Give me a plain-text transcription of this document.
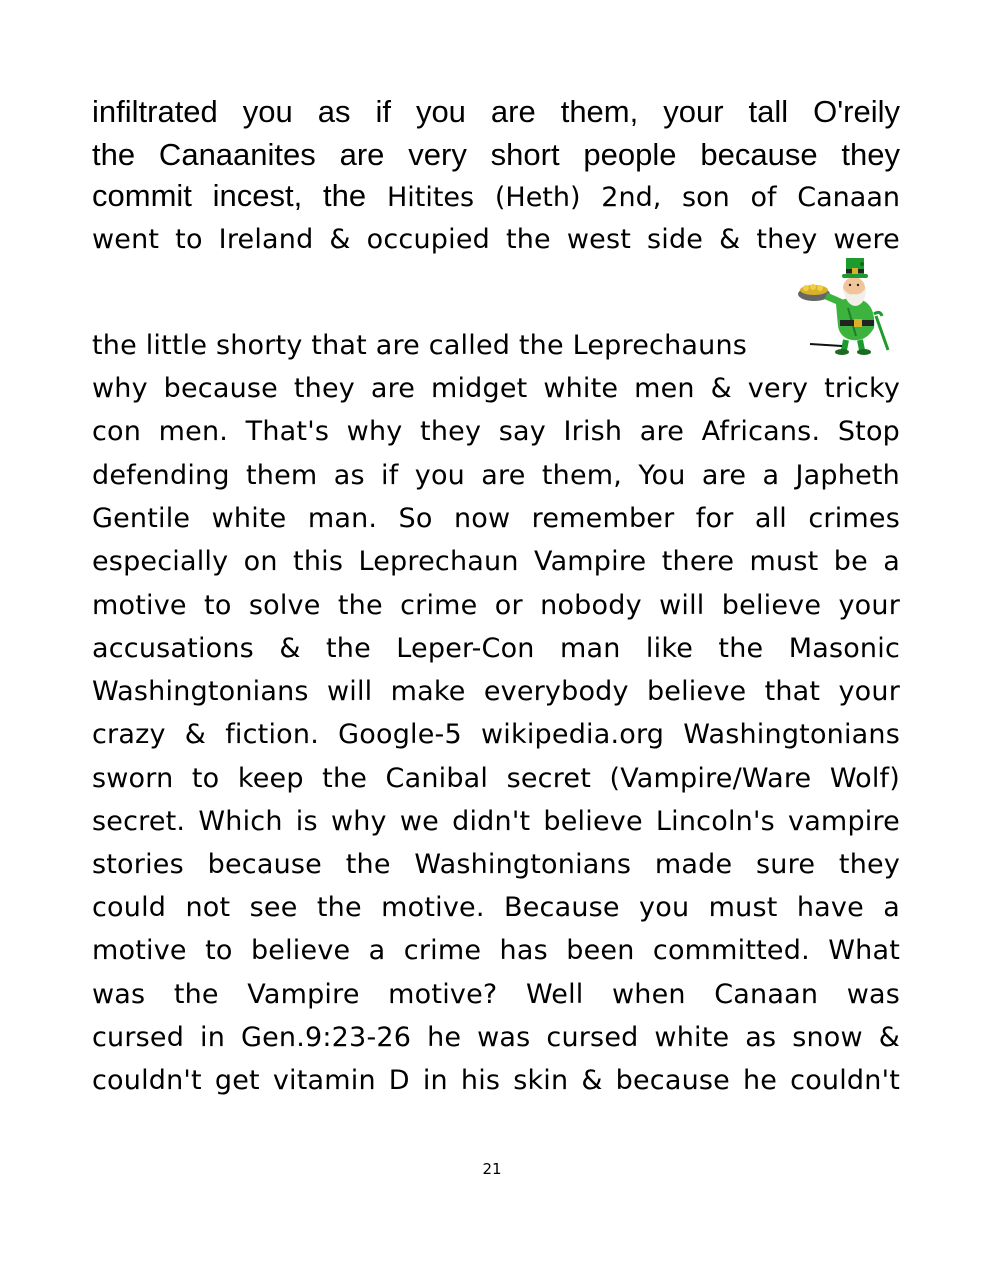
infiltrated you as if you are them, your tall O'reily

the Canaanites are very short people because they

commit incest, the Hitites (Heth) 2nd, son of Canaan

went to Ireland & occupied the west side & they were

the little shorty that are called the Leprechauns

why because they are midget white men & very tricky

con men. That's why they say Irish are Africans. Stop

defending them as if you are them, You are a Japheth

Gentile white man. So now remember for all crimes

especially on this Leprechaun Vampire there must be a

motive to solve the crime or nobody will believe your

accusations & the Leper-Con man like the Masonic

Washingtonians will make everybody believe that your

crazy & fiction. Google-5 wikipedia.org Washingtonians

sworn to keep the Canibal secret (Vampire/Ware Wolf)

secret. Which is why we didn't believe Lincoln's vampire

stories because the Washingtonians made sure they

could not see the motive. Because you must have a

motive to believe a crime has been committed. What

was the Vampire motive? Well when Canaan was

cursed in Gen.9:23-26 he was cursed white as snow &

couldn't get vitamin D in his skin & because he couldn't

21
